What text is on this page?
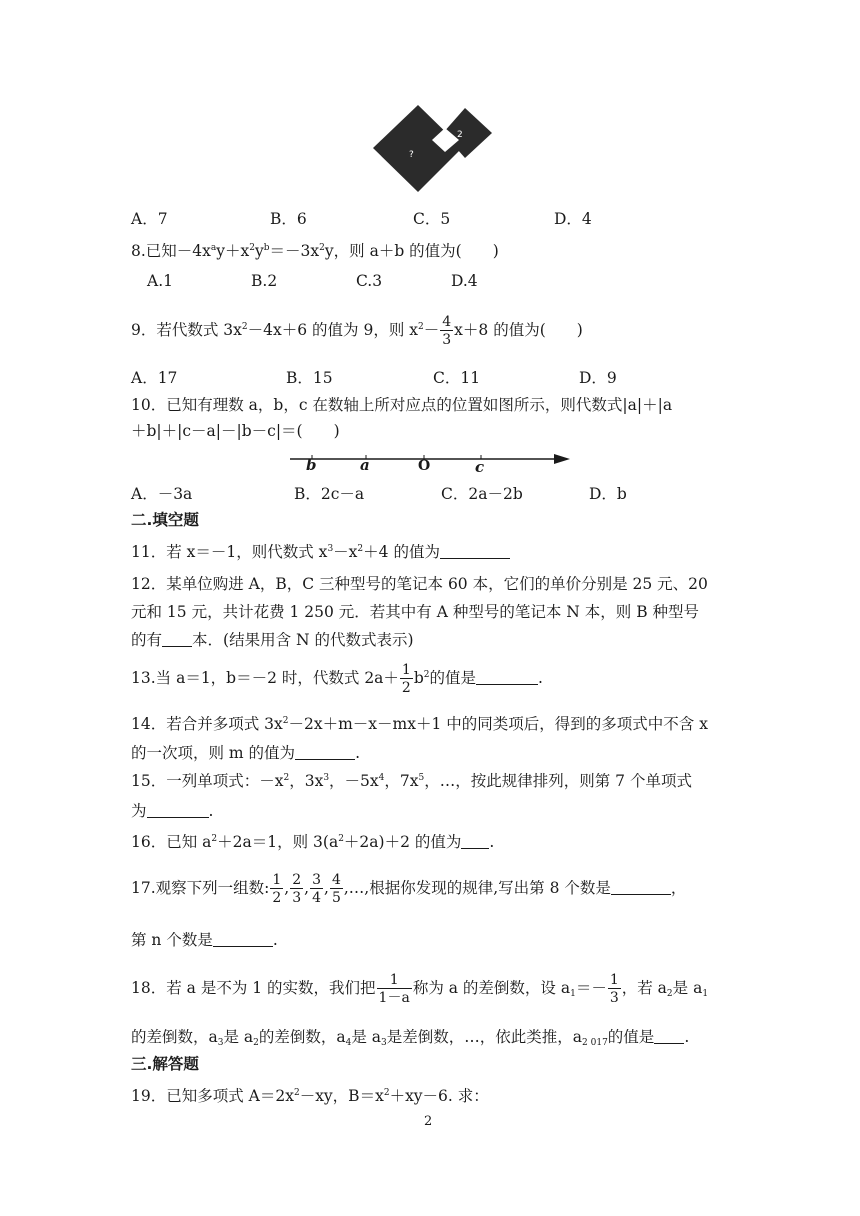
?
2
A．7	B．6	C．5	D．4
8.已知$-4x^ay+x^2y^b=-3x^2y$，则 a＋b 的值为(　　)
A.1	B.2	C.3	D.4
9．若代数式 $3x^2-4x+6$ 的值为 9，则 $x^2- \frac{4}{3} x+8$ 的值为(　　)
A．17	B．15	C．11	D．9
10．已知有理数 a，b，c 在数轴上所对应点的位置如图所示，则代数式|a|＋|a
＋b|＋|c－a|－|b－c|＝(　　)
b	a	O	c
A．－3a	B．2c－a	C．2a－2b	D．b
二.填空题
11．若 x＝－1，则代数式 $x^3-x^2+4$ 的值为
12．某单位购进 A，B，C 三种型号的笔记本 60 本，它们的单价分别是 25 元、20
元和 15 元，共计花费 1 250 元．若其中有 A 种型号的笔记本 N 本，则 B 种型号
的有 本．(结果用含 N 的代数式表示)
13.当 a＝1，b＝－2 时，代数式 $2a+ \frac{1}{2} b^2$的值是	.
14．若合并多项式 $3x^2-2x+m-x-mx+1$ 中的同类项后，得到的多项式中不含 x
的一次项，则 m 的值为	.
15．一列单项式：$-x^2$，$3x^3$，$-5x^4$，$7x^5$，…，按此规律排列，则第 7 个单项式
为	.
16．已知 $a^2+2a=1$，则 $3(a^2+2a)+2$ 的值为 .
17.观察下列一组数: $\frac{1}{2}$ , $\frac{2}{3}$ , $\frac{3}{4}$ , $\frac{4}{5}$ ,…,根据你发现的规律,写出第 8 个数是	，
第 n 个数是	.
18．若 a 是不为 1 的实数，我们把 $\frac{1}{1-a}$ 称为 a 的差倒数，设 $a_1=- \frac{1}{3}$ ，若 $a_2$是 $a_1$
的差倒数，$a_3$是 $a_2$的差倒数，$a_4$是 $a_3$是差倒数，…，依此类推，$a_{2 017}$的值是 .
三.解答题
19．已知多项式 $A=2x^2-xy$，$B=x^2+xy-6$. 求：
2
